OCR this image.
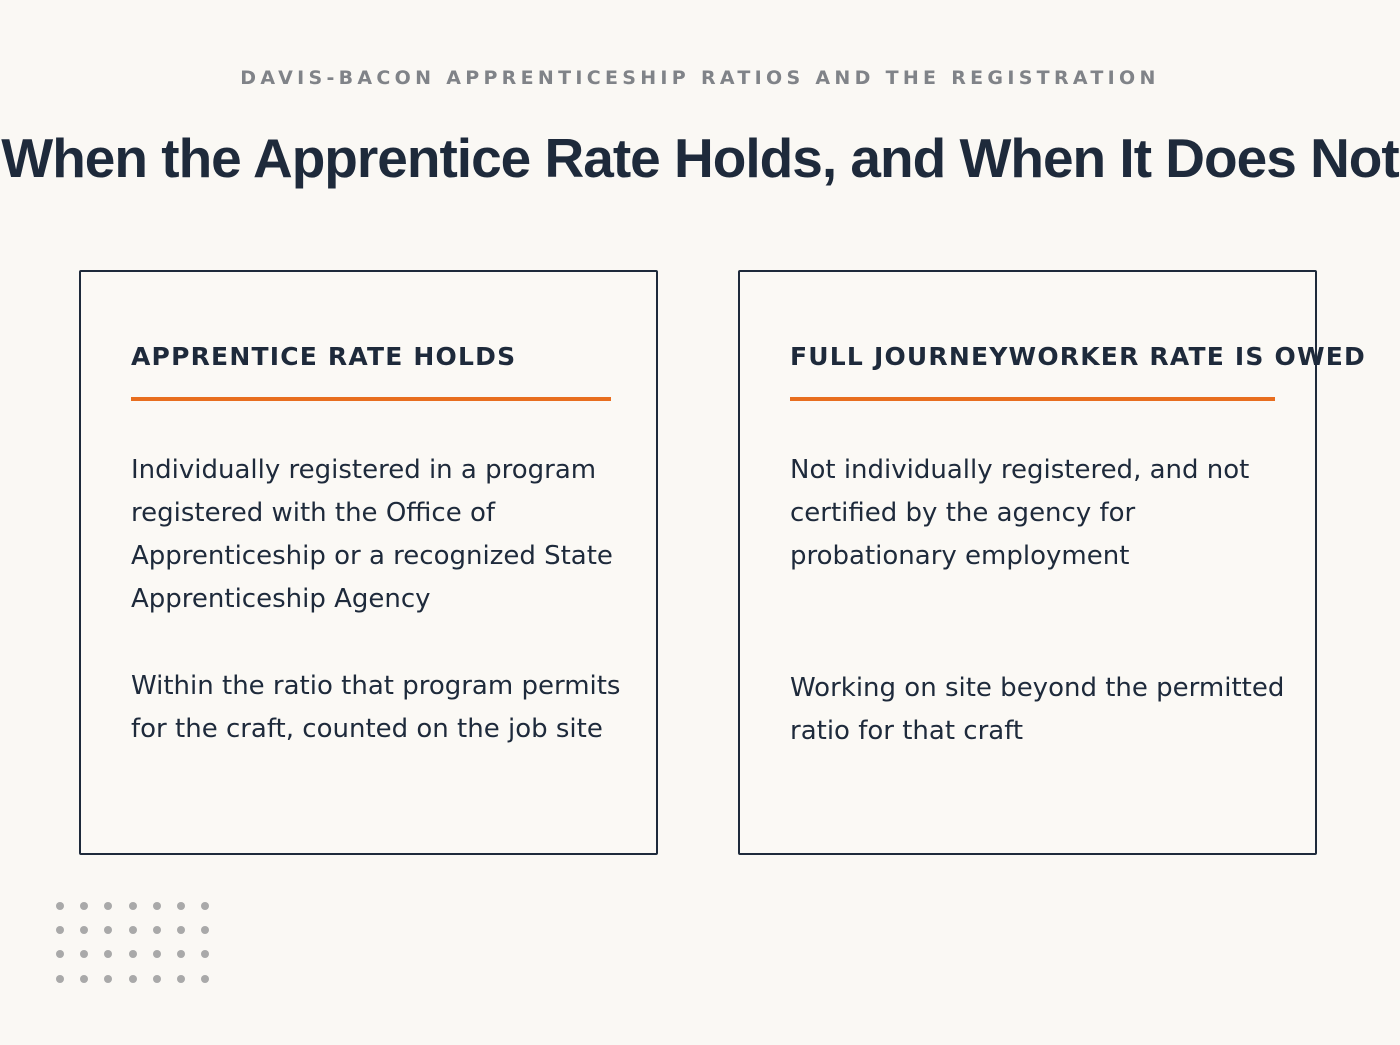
DAVIS-BACON APPRENTICESHIP RATIOS AND THE REGISTRATION
When the Apprentice Rate Holds, and When It Does Not
APPRENTICE RATE HOLDS
Individually registered in a program registered with the Office of Apprenticeship or a recognized State Apprenticeship Agency
Within the ratio that program permits for the craft, counted on the job site
FULL JOURNEYWORKER RATE IS OWED
Not individually registered, and not certified by the agency for probationary employment
Working on site beyond the permitted ratio for that craft
